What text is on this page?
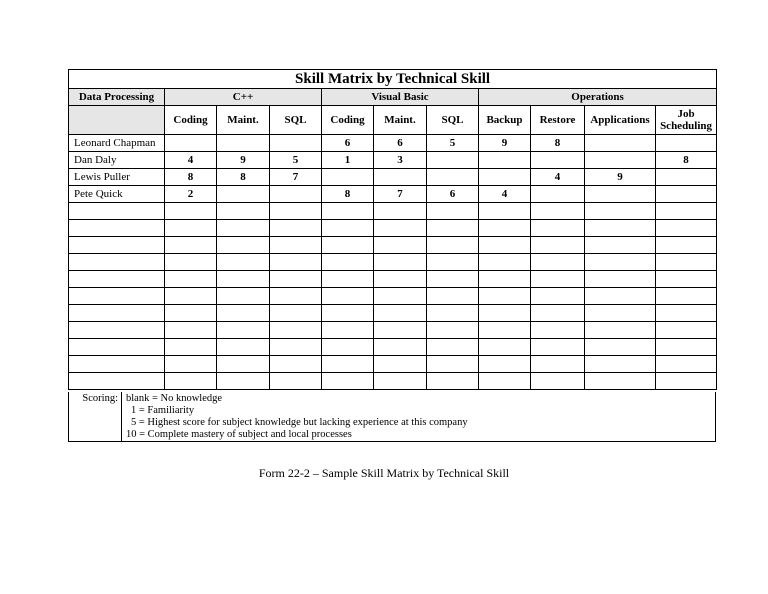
Skill Matrix by Technical Skill										
Data Processing	C++			Visual Basic			Operations			
	Coding	Maint.	SQL	Coding	Maint.	SQL	Backup	Restore	Applications	Job Scheduling
Leonard Chapman				6	6	5	9	8		
Dan Daly	4	9	5	1	3					8
Lewis Puller	8	8	7					4	9	
Pete Quick	2			8	7	6	4			

Scoring:	blank = No knowledge
1 = Familiarity
5 = Highest score for subject knowledge but lacking experience at this company
10 = Complete mastery of subject and local processes
Form 22-2 – Sample Skill Matrix by Technical Skill
